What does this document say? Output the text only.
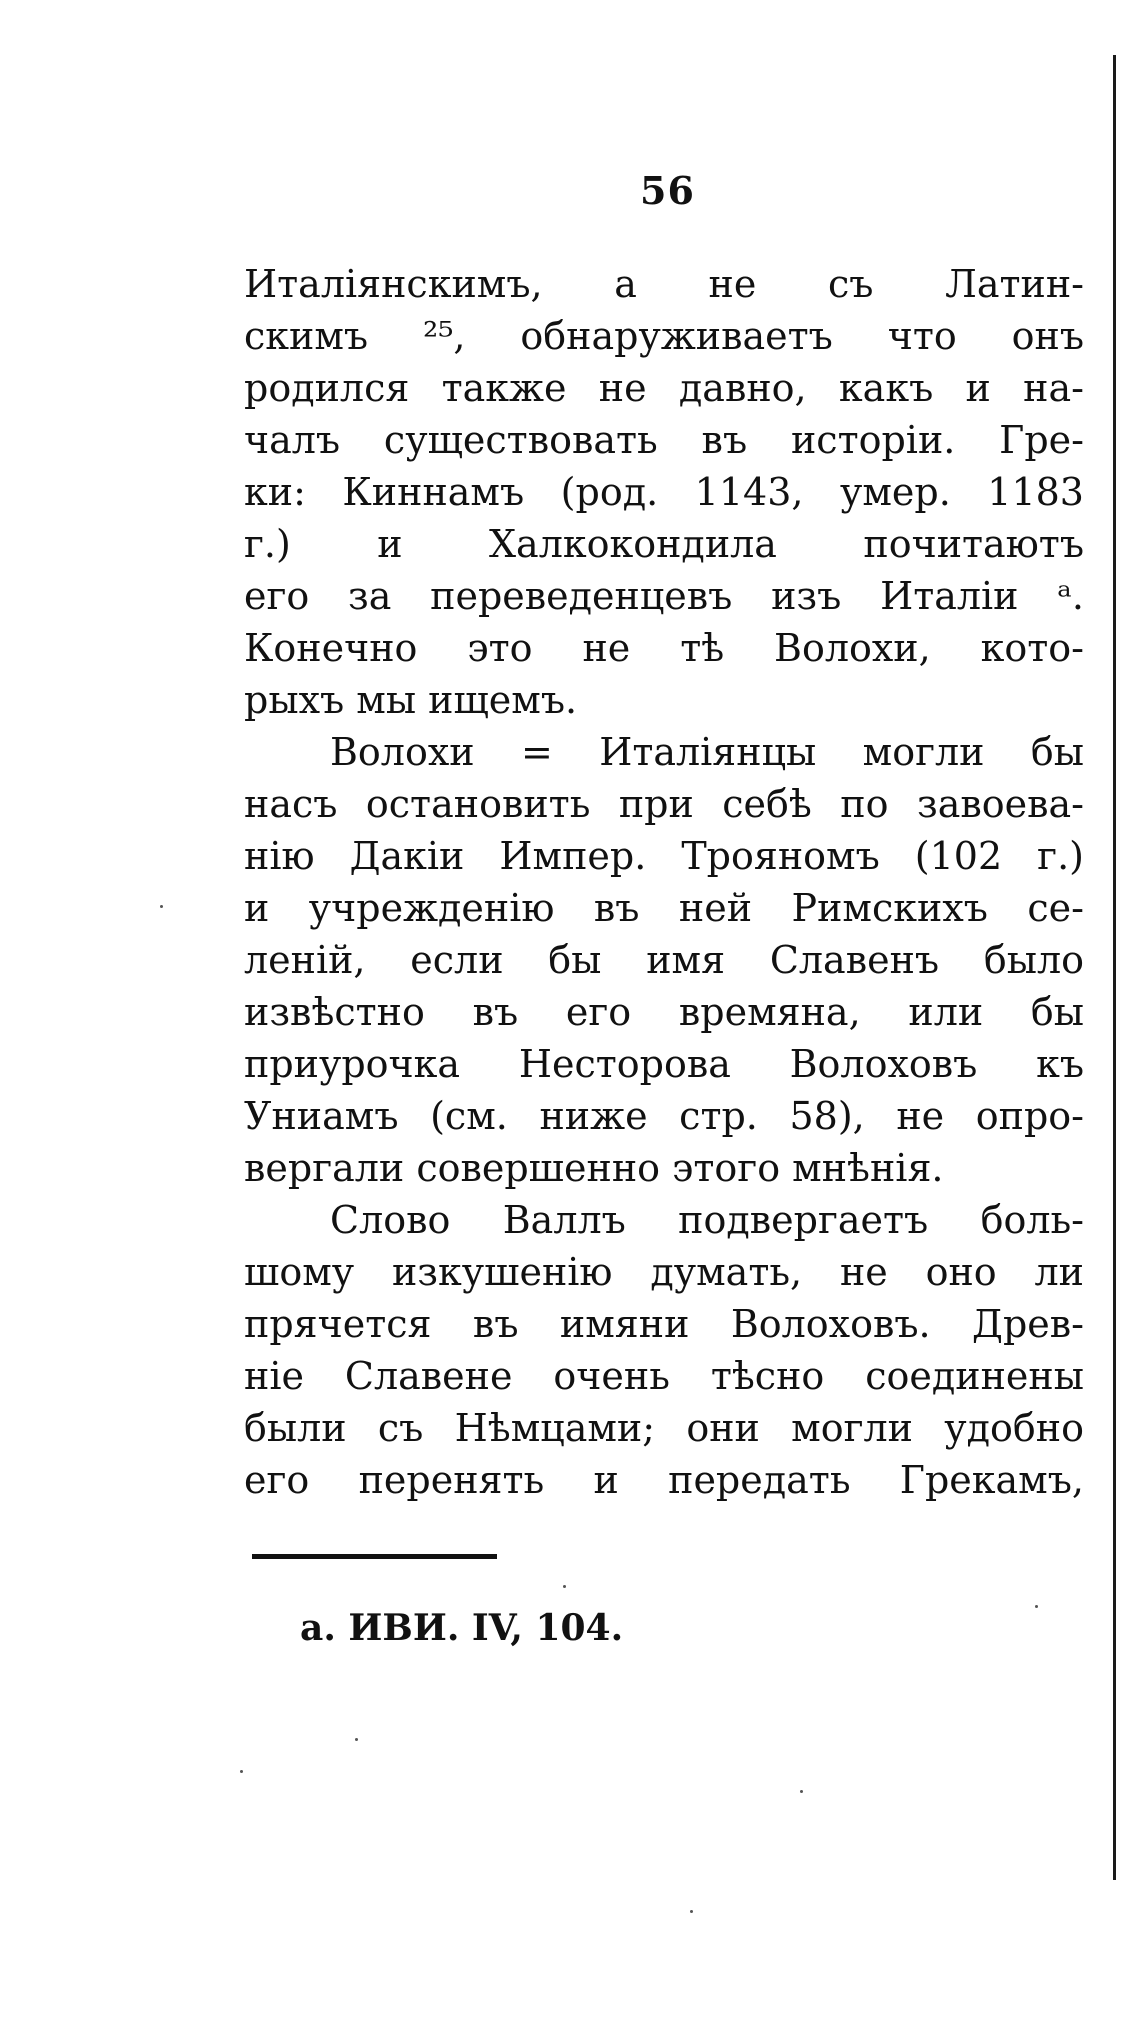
56
Италіянскимъ, а не съ Латин-
скимъ ²⁵, обнаруживаетъ что онъ
родился также не давно, какъ и на-
чалъ существовать въ исторіи. Гре-
ки: Киннамъ (род. 1143, умер. 1183
г.) и Халкокондила почитаютъ
его за переведенцевъ изъ Италіи ᵃ.
Конечно это не тѣ Волохи, кото-
рыхъ мы ищемъ.
Волохи = Италіянцы могли бы
насъ остановить при себѣ по завоева-
нію Дакіи Импер. Трояномъ (102 г.)
и учрежденію въ ней Римскихъ се-
леній, если бы имя Славенъ было
извѣстно въ его времяна, или бы
приурочка Несторова Волоховъ къ
Униамъ (см. ниже стр. 58), не опро-
вергали совершенно этого мнѣнія.
Слово Валлъ подвергаетъ боль-
шому изкушенію думать, не оно ли
прячется въ имяни Волоховъ. Древ-
ніе Славене очень тѣсно соединены
были съ Нѣмцами; они могли удобно
его перенять и передать Грекамъ,
a. ИВИ. IV, 104.
